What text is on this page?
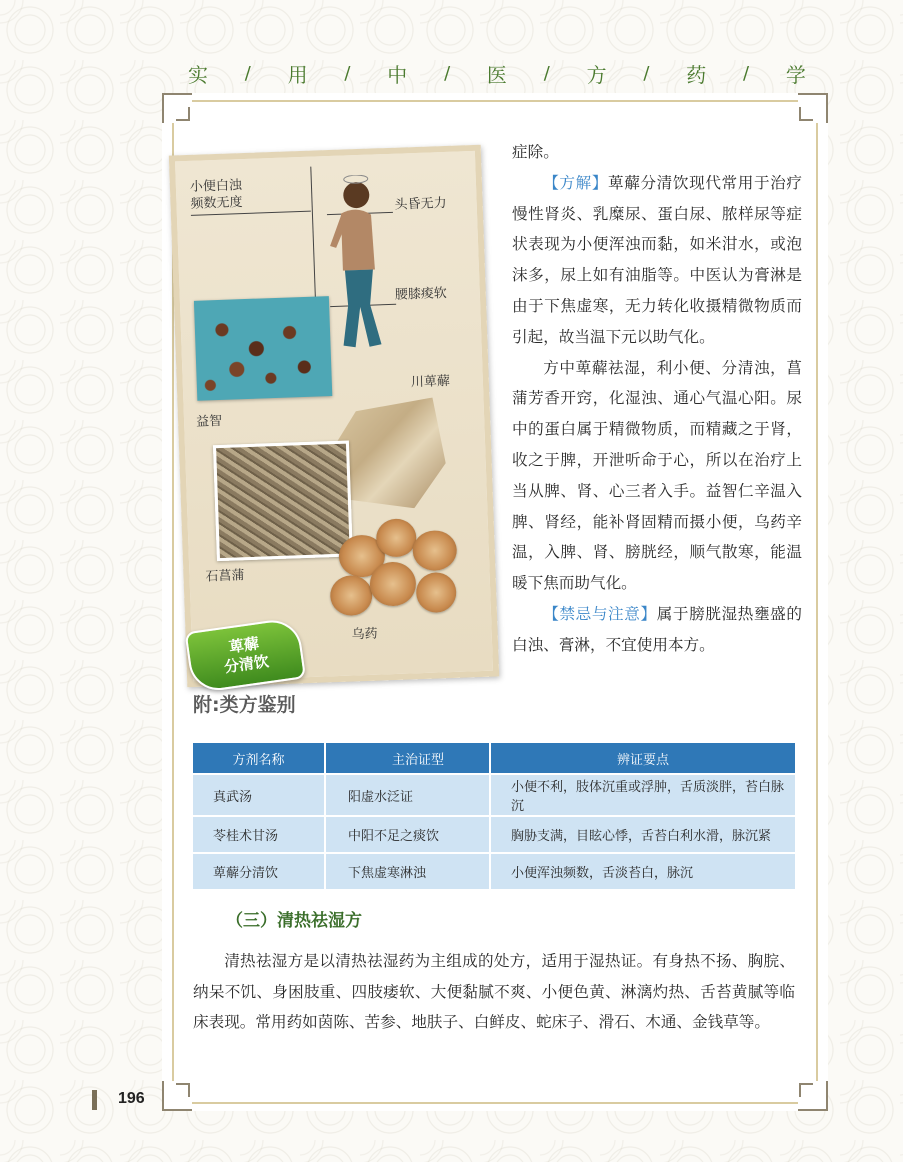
实 / 用 / 中 / 医 / 方 / 药 / 学
小便白浊
频数无度	头昏无力
腰膝痠软
益智
川萆薢
石菖蒲
乌药
萆薢
分清饮

症除。

【方解】萆薢分清饮现代常用于治疗慢性肾炎、乳糜尿、蛋白尿、脓样尿等症状表现为小便浑浊而黏，如米泔水，或泡沫多，尿上如有油脂等。中医认为膏淋是由于下焦虚寒，无力转化收摄精微物质而引起，故当温下元以助气化。

方中萆薢祛湿，利小便、分清浊，菖蒲芳香开窍，化湿浊、通心气温心阳。尿中的蛋白属于精微物质，而精藏之于肾，收之于脾，开泄听命于心，所以在治疗上当从脾、肾、心三者入手。益智仁辛温入脾、肾经，能补肾固精而摄小便，乌药辛温，入脾、肾、膀胱经，顺气散寒，能温暖下焦而助气化。

【禁忌与注意】属于膀胱湿热壅盛的白浊、膏淋，不宜使用本方。

附:类方鉴别
方剂名称	主治证型	辨证要点
真武汤	阳虚水泛证	小便不利，肢体沉重或浮肿，舌质淡胖，苔白脉沉
苓桂术甘汤	中阳不足之痰饮	胸胁支满，目眩心悸，舌苔白利水滑，脉沉紧
萆薢分清饮	下焦虚寒淋浊	小便浑浊频数，舌淡苔白，脉沉
（三）清热祛湿方

清热祛湿方是以清热祛湿药为主组成的处方，适用于湿热证。有身热不扬、胸脘、纳呆不饥、身困肢重、四肢痿软、大便黏腻不爽、小便色黄、淋漓灼热、舌苔黄腻等临床表现。常用药如茵陈、苦参、地肤子、白鲜皮、蛇床子、滑石、木通、金钱草等。

196
